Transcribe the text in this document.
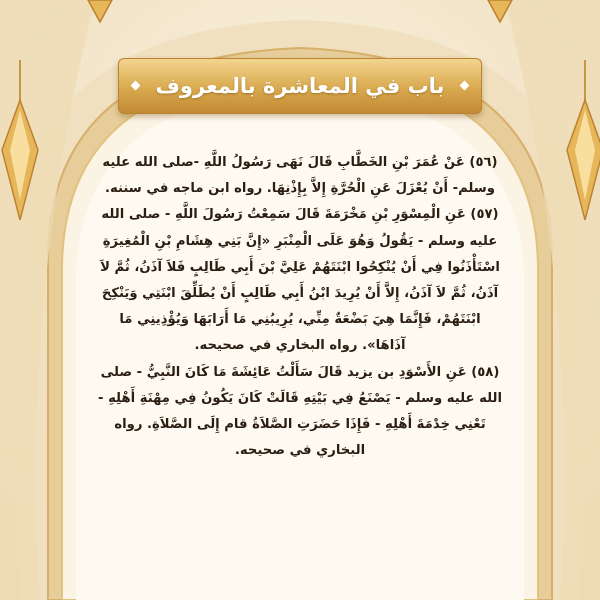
باب في المعاشرة بالمعروف

(٥٦) عَنْ عُمَرَ بْنِ الخَطَّابِ قَالَ نَهَى رَسُولُ اللَّهِ -صلى الله عليه وسلم- أَنْ يُعْزَلَ عَنِ الْحُرَّةِ إِلاَّ بِإِذْنِهَا. رواه ابن ماجه في سننه.

(٥٧) عَنِ الْمِسْوَرِ بْنِ مَخْرَمَةَ قَالَ سَمِعْتُ رَسُولَ اللَّهِ - صلى الله عليه وسلم - يَقُولُ وَهُوَ عَلَى الْمِنْبَرِ «إِنَّ بَنِي هِشَامِ بْنِ الْمُغِيرَةِ اسْتَأْذَنُوا فِي أَنْ يُنْكِحُوا ابْنَتَهُمْ عَلِيَّ بْنَ أَبِي طَالِبٍ فَلاَ آذَنُ، ثُمَّ لاَ آذَنُ، ثُمَّ لاَ آذَنُ، إِلاَّ أَنْ يُرِيدَ ابْنُ أَبِي طَالِبٍ أَنْ يُطَلِّقَ ابْنَتِي وَيَنْكِحَ ابْنَتَهُمْ، فَإِنَّمَا هِيَ بَضْعَةٌ مِنِّي، يُرِيبُنِي مَا أَرَابَهَا وَيُؤْذِينِي مَا آذَاهَا». رواه البخاري في صحيحه.

(٥٨) عَنِ الأَسْوَدِ بن يزيد قَالَ سَأَلْتُ عَائِشَةَ مَا كَانَ النَّبِيُّ - صلى الله عليه وسلم - يَصْنَعُ فِي بَيْتِهِ قَالَتْ كَانَ يَكُونُ فِي مِهْنَةِ أَهْلِهِ - تَعْنِي خِدْمَةَ أَهْلِهِ - فَإِذَا حَضَرَتِ الصَّلاَةُ قام إِلَى الصَّلاَةِ. رواه البخاري في صحيحه.
